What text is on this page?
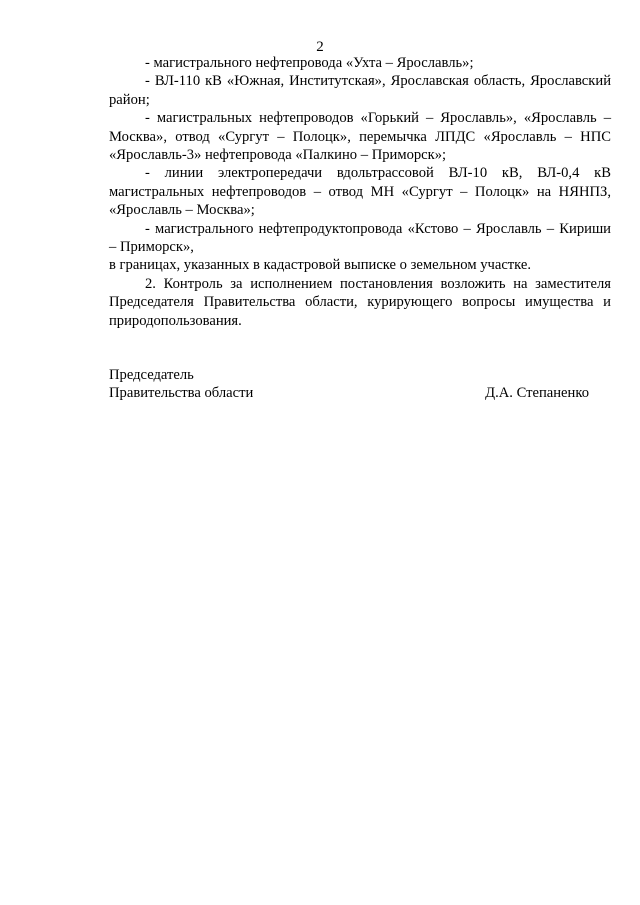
2

- магистрального нефтепровода «Ухта – Ярославль»;

- ВЛ-110 кВ «Южная, Институтская», Ярославская область, Ярославский район;

- магистральных нефтепроводов «Горький – Ярославль», «Ярославль – Москва», отвод «Сургут – Полоцк», перемычка ЛПДС «Ярославль – НПС «Ярославль-3» нефтепровода «Палкино – Приморск»;

- линии электропередачи вдольтрассовой ВЛ-10 кВ, ВЛ-0,4 кВ магистральных нефтепроводов – отвод МН «Сургут – Полоцк» на НЯНПЗ, «Ярославль – Москва»;

- магистрального нефтепродуктопровода «Кстово – Ярославль – Кириши – Приморск»,

в границах, указанных в кадастровой выписке о земельном участке.

2. Контроль за исполнением постановления возложить на заместителя Председателя Правительства области, курирующего вопросы имущества и природопользования.

Председатель
Правительства области	Д.А. Степаненко
